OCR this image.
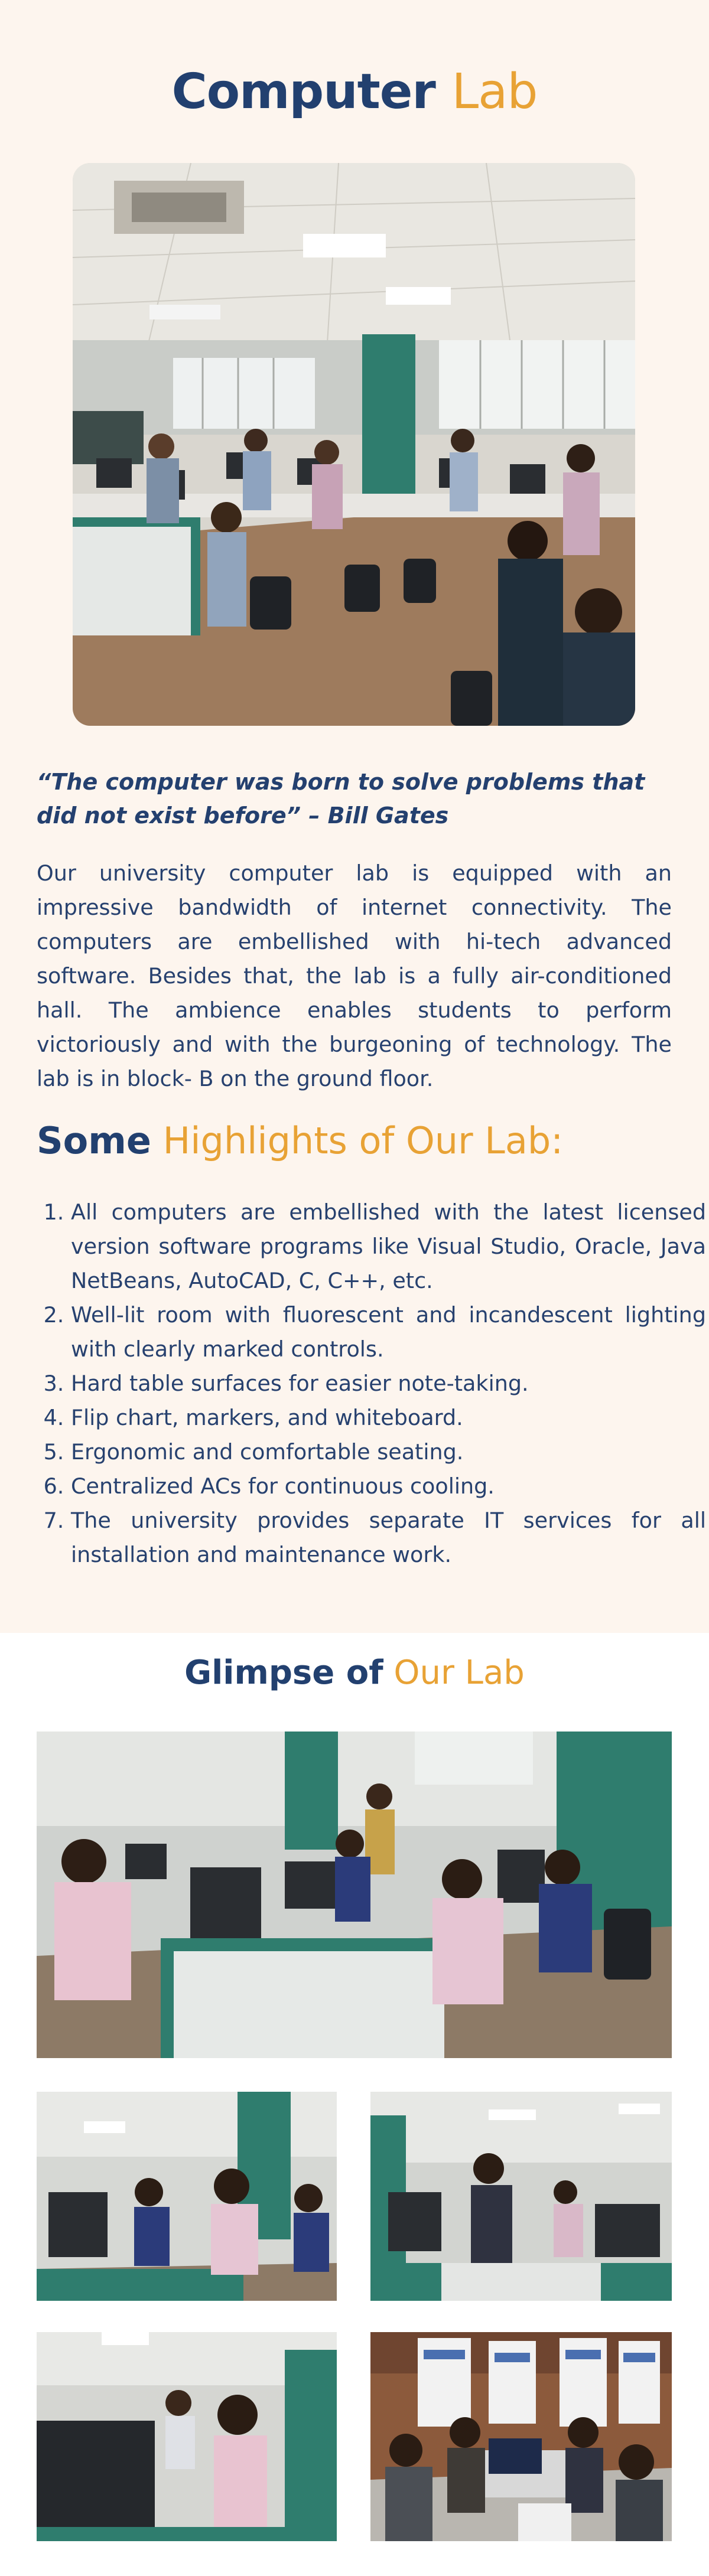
Computer Lab

“The computer was born to solve problems that did not exist before” – Bill Gates

Our university computer lab is equipped with an impressive bandwidth of internet connectivity. The computers are embellished with hi-tech advanced software. Besides that, the lab is a fully air-conditioned hall. The ambience enables students to perform victoriously and with the burgeoning of technology. The lab is in block- B on the ground floor.

Some Highlights of Our Lab:
1. All computers are embellished with the latest licensed version software programs like Visual Studio, Oracle, Java NetBeans, AutoCAD, C, C++, etc.
2. Well-lit room with fluorescent and incandescent lighting with clearly marked controls.
3. Hard table surfaces for easier note-taking.
4. Flip chart, markers, and whiteboard.
5. Ergonomic and comfortable seating.
6. Centralized ACs for continuous cooling.
7. The university provides separate IT services for all installation and maintenance work.
Glimpse of Our Lab
